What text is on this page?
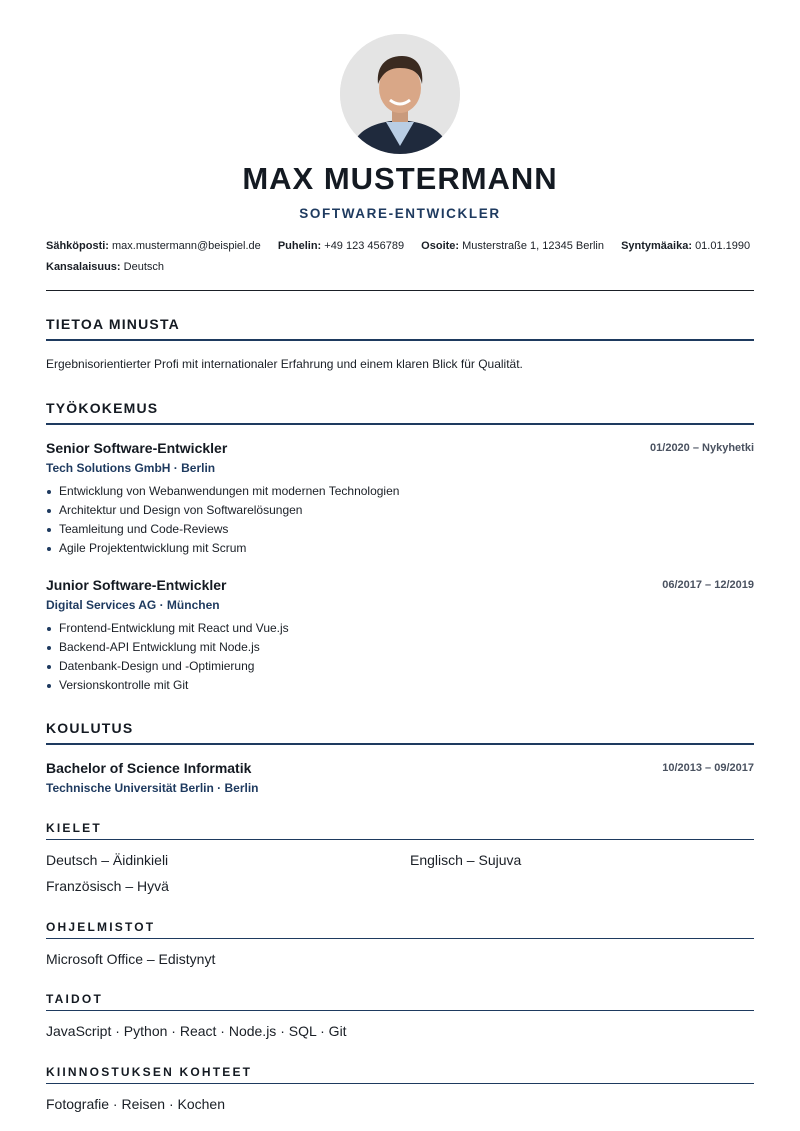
MAX MUSTERMANN
SOFTWARE-ENTWICKLER
Sähköposti: max.mustermann@beispiel.de Puhelin: +49 123 456789 Osoite: Musterstraße 1, 12345 Berlin Syntymäaika: 01.01.1990
Kansalaisuus: Deutsch
TIETOA MINUSTA
Ergebnisorientierter Profi mit internationaler Erfahrung und einem klaren Blick für Qualität.
TYÖKOKEMUS
Senior Software-Entwickler	01/2020 – Nykyhetki
Tech Solutions GmbH · Berlin
Entwicklung von Webanwendungen mit modernen Technologien
Architektur und Design von Softwarelösungen
Teamleitung und Code-Reviews
Agile Projektentwicklung mit Scrum
Junior Software-Entwickler	06/2017 – 12/2019
Digital Services AG · München
Frontend-Entwicklung mit React und Vue.js
Backend-API Entwicklung mit Node.js
Datenbank-Design und -Optimierung
Versionskontrolle mit Git
KOULUTUS
Bachelor of Science Informatik	10/2013 – 09/2017
Technische Universität Berlin · Berlin
KIELET
Deutsch – Äidinkieli	Englisch – Sujuva
Französisch – Hyvä
OHJELMISTOT
Microsoft Office – Edistynyt
TAIDOT
JavaScript · Python · React · Node.js · SQL · Git
KIINNOSTUKSEN KOHTEET
Fotografie · Reisen · Kochen
